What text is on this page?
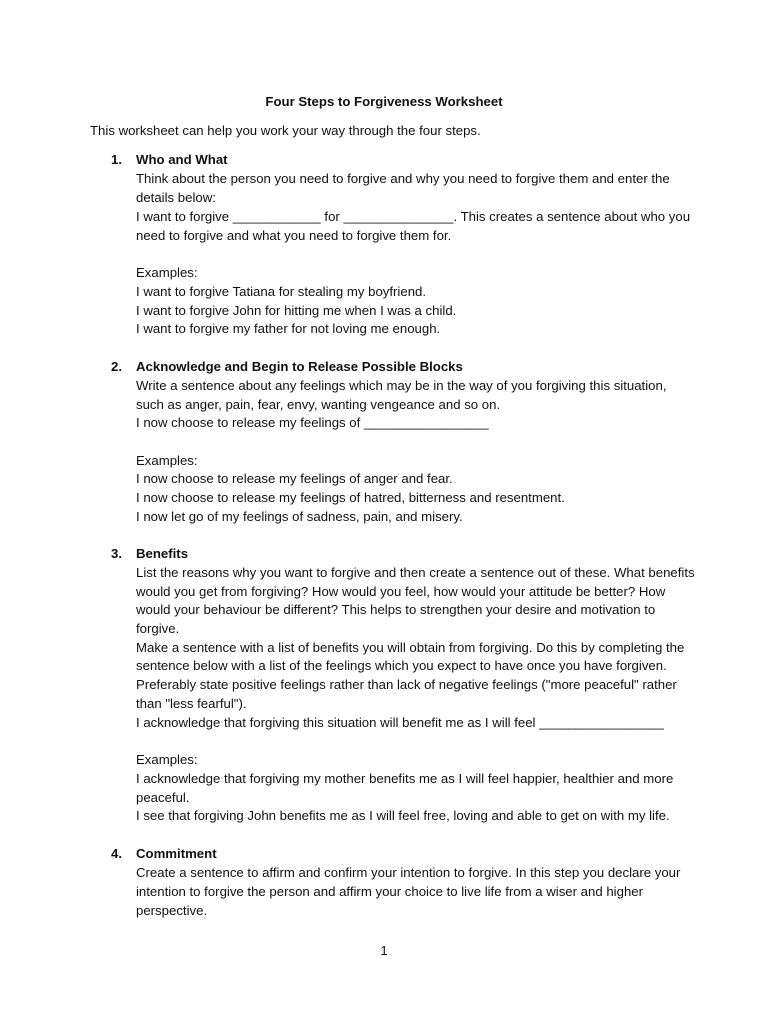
Four Steps to Forgiveness Worksheet
This worksheet can help you work your way through the four steps.
1. Who and What
Think about the person you need to forgive and why you need to forgive them and enter the
details below:
I want to forgive ____________ for _______________. This creates a sentence about who you
need to forgive and what you need to forgive them for.
Examples:
I want to forgive Tatiana for stealing my boyfriend.
I want to forgive John for hitting me when I was a child.
I want to forgive my father for not loving me enough.
2. Acknowledge and Begin to Release Possible Blocks
Write a sentence about any feelings which may be in the way of you forgiving this situation,
such as anger, pain, fear, envy, wanting vengeance and so on.
I now choose to release my feelings of _________________
Examples:
I now choose to release my feelings of anger and fear.
I now choose to release my feelings of hatred, bitterness and resentment.
I now let go of my feelings of sadness, pain, and misery.
3. Benefits
List the reasons why you want to forgive and then create a sentence out of these. What benefits
would you get from forgiving? How would you feel, how would your attitude be better? How
would your behaviour be different? This helps to strengthen your desire and motivation to
forgive.
Make a sentence with a list of benefits you will obtain from forgiving. Do this by completing the
sentence below with a list of the feelings which you expect to have once you have forgiven.
Preferably state positive feelings rather than lack of negative feelings ("more peaceful" rather
than "less fearful").
I acknowledge that forgiving this situation will benefit me as I will feel _________________
Examples:
I acknowledge that forgiving my mother benefits me as I will feel happier, healthier and more
peaceful.
I see that forgiving John benefits me as I will feel free, loving and able to get on with my life.
4. Commitment
Create a sentence to affirm and confirm your intention to forgive. In this step you declare your
intention to forgive the person and affirm your choice to live life from a wiser and higher
perspective.
1
